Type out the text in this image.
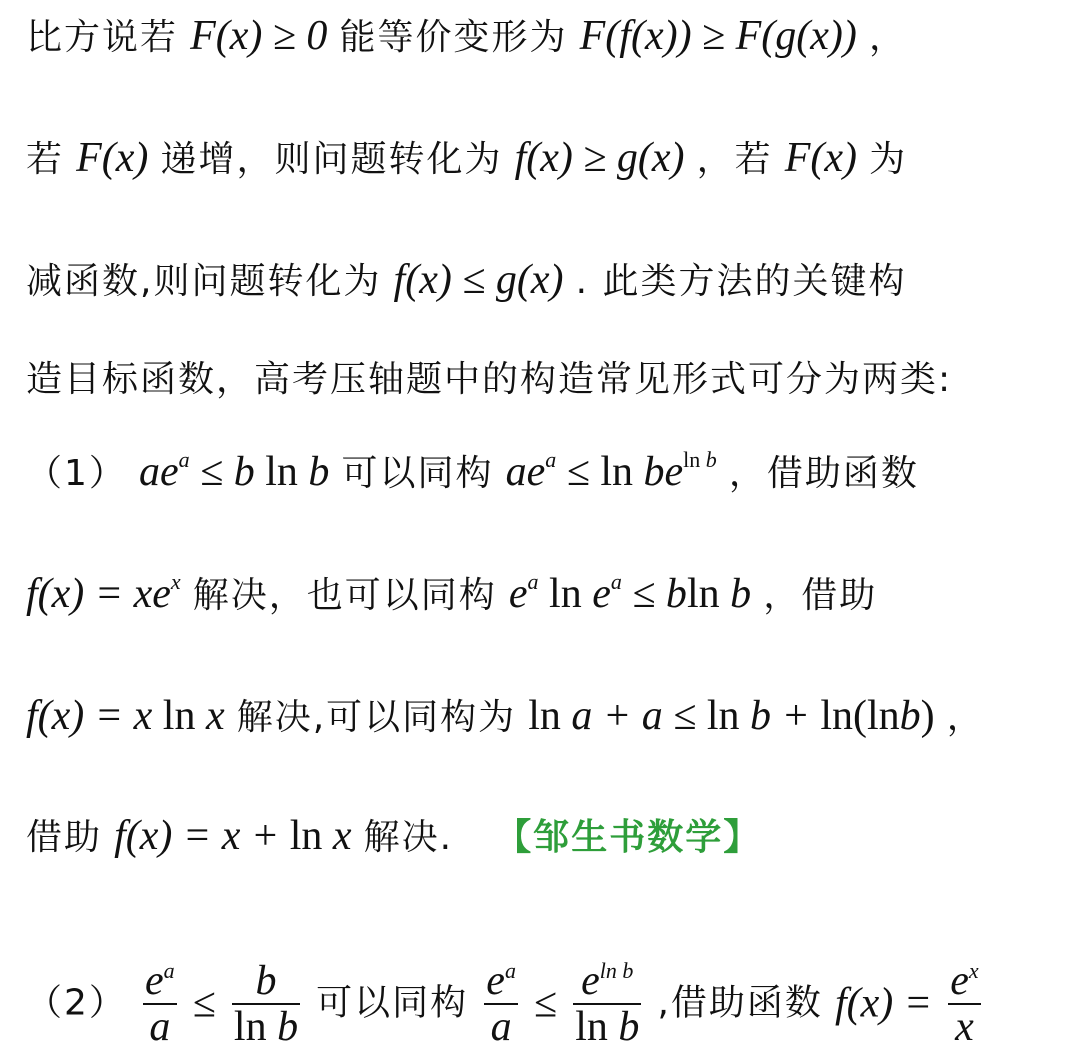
比方说若 F(x) ≥ 0 能等价变形为 F(f(x)) ≥ F(g(x)) ，
若 F(x) 递增，则问题转化为 f(x) ≥ g(x) ，若 F(x) 为
减函数,则问题转化为 f(x) ≤ g(x) . 此类方法的关键构
造目标函数，高考压轴题中的构造常见形式可分为两类:
（1） $ae^a \le b$ ln b 可以同构 $ae^a \le \ln be^{ln b}$ ，借助函数
$f(x) = xe^x$ 解决，也可以同构 $e^a$ $\ln e^a \le bln$ b ，借助
f(x) = x ln x 解决,可以同构为 ln a + a ≤ ln b + ln(lnb) ，
借助 f(x) = x + ln x 解决. 【邹生书数学】
$(2) \frac{e^a}{a} \le \frac{b}{\text{ln b}}$ 可以同构 $\frac{e^a}{a} \le \frac{e^{ln b}}{\text{ln b}}$ ,借助函数 $f(x) = \frac{e^x}{x}$
